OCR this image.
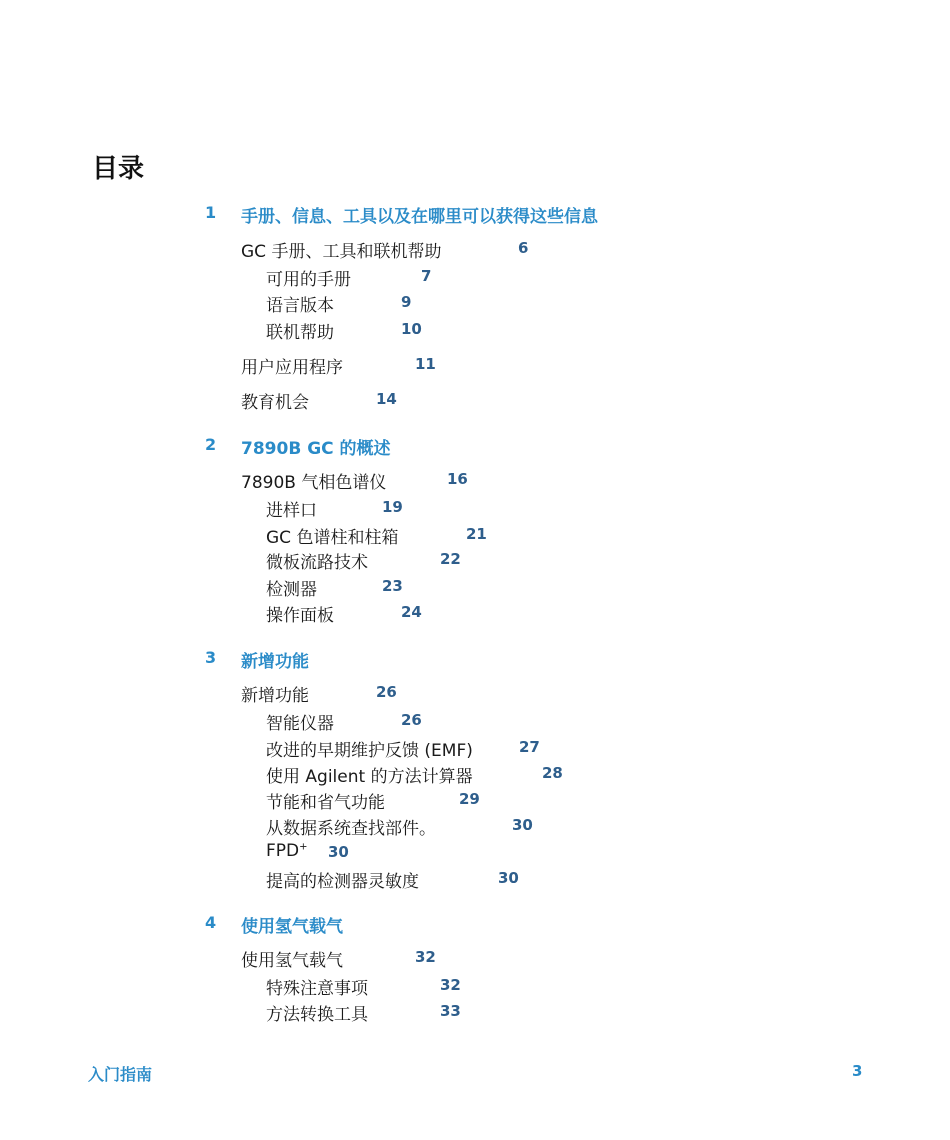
目录
1 手册、信息、工具以及在哪里可以获得这些信息
GC 手册、工具和联机帮助	6
可用的手册	7
语言版本	9
联机帮助	10
用户应用程序	11
教育机会	14
2 7890B GC 的概述
7890B 气相色谱仪	16
进样口	19
GC 色谱柱和柱箱	21
微板流路技术	22
检测器	23
操作面板	24
3 新增功能
新增功能	26
智能仪器	26
改进的早期维护反馈 (EMF)	27
使用 Agilent 的方法计算器	28
节能和省气功能	29
从数据系统查找部件。	30
FPD+ 30
提高的检测器灵敏度	30
4 使用氢气载气
使用氢气载气	32
特殊注意事项	32
方法转换工具	33
入门指南	3
